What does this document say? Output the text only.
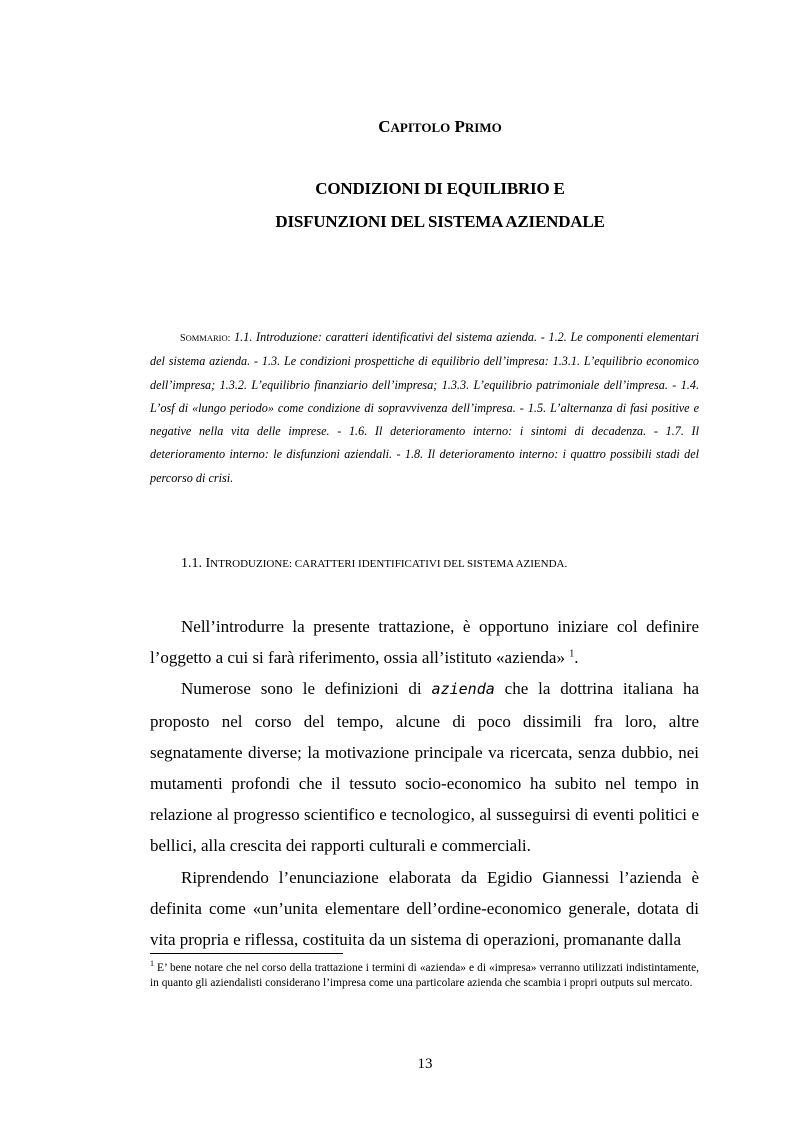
CAPITOLO PRIMO
CONDIZIONI DI EQUILIBRIO E
DISFUNZIONI DEL SISTEMA AZIENDALE
SOMMARIO: 1.1. Introduzione: caratteri identificativi del sistema azienda. - 1.2. Le componenti elementari del sistema azienda. - 1.3. Le condizioni prospettiche di equilibrio dell’impresa: 1.3.1. L’equilibrio economico dell’impresa; 1.3.2. L’equilibrio finanziario dell’impresa; 1.3.3. L’equilibrio patrimoniale dell’impresa. - 1.4. L’osf di «lungo periodo» come condizione di sopravvivenza dell’impresa. - 1.5. L’alternanza di fasi positive e negative nella vita delle imprese. - 1.6. Il deterioramento interno: i sintomi di decadenza. - 1.7. Il deterioramento interno: le disfunzioni aziendali. - 1.8. Il deterioramento interno: i quattro possibili stadi del percorso di crisi.
1.1. INTRODUZIONE: CARATTERI IDENTIFICATIVI DEL SISTEMA AZIENDA.

Nell’introdurre la presente trattazione, è opportuno iniziare col definire l’oggetto a cui si farà riferimento, ossia all’istituto «azienda» $^1$.

Numerose sono le definizioni di azienda che la dottrina italiana ha proposto nel corso del tempo, alcune di poco dissimili fra loro, altre segnatamente diverse; la motivazione principale va ricercata, senza dubbio, nei mutamenti profondi che il tessuto socio-economico ha subito nel tempo in relazione al progresso scientifico e tecnologico, al susseguirsi di eventi politici e bellici, alla crescita dei rapporti culturali e commerciali.

Riprendendo l’enunciazione elaborata da Egidio Giannessi l’azienda è definita come «un’unita elementare dell’ordine-economico generale, dotata di vita propria e riflessa, costituita da un sistema di operazioni, promanante dalla

$^1$ E’ bene notare che nel corso della trattazione i termini di «azienda» e di «impresa» verranno utilizzati indistintamente, in quanto gli aziendalisti considerano l’impresa come una particolare azienda che scambia i propri outputs sul mercato.
13
